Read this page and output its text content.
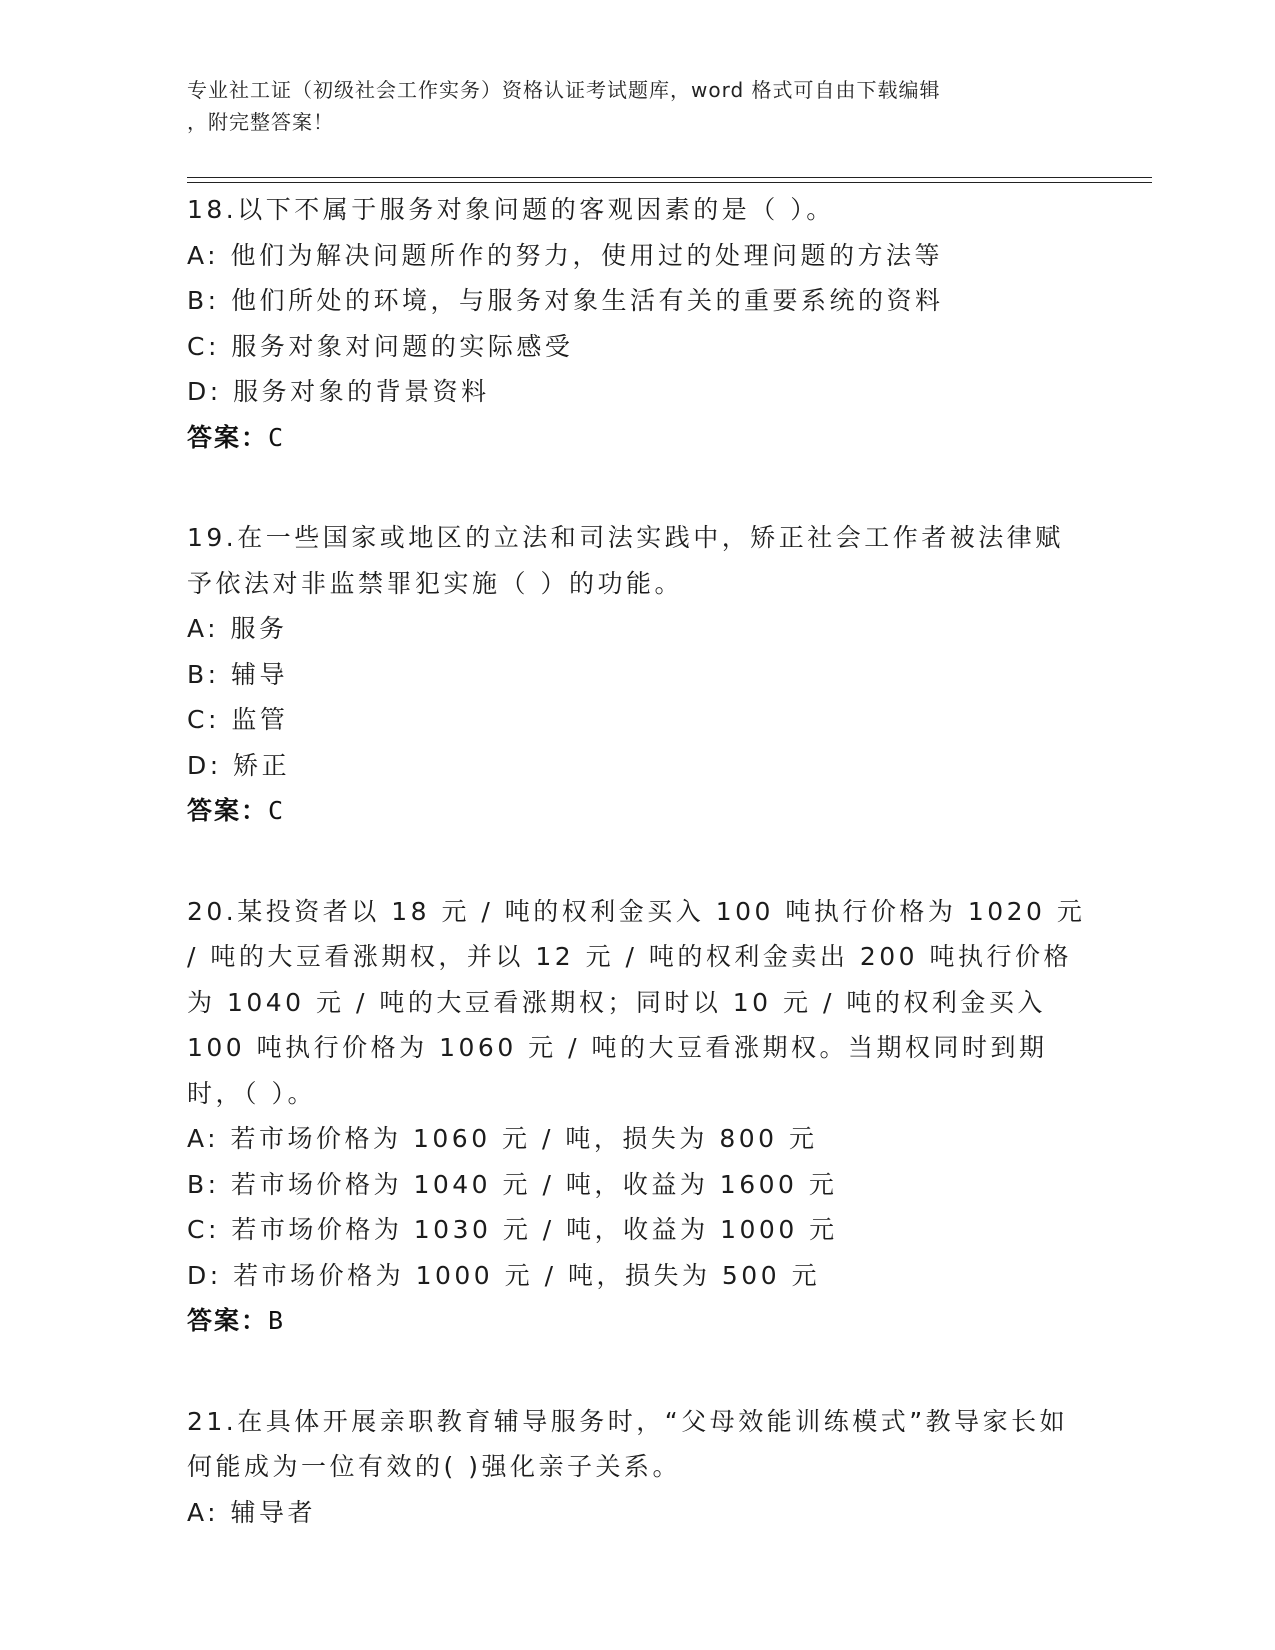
专业社工证（初级社会工作实务）资格认证考试题库，word 格式可自由下载编辑
，附完整答案！

18.以下不属于服务对象问题的客观因素的是（ ）。

A: 他们为解决问题所作的努力，使用过的处理问题的方法等

B: 他们所处的环境，与服务对象生活有关的重要系统的资料

C: 服务对象对问题的实际感受

D: 服务对象的背景资料

答案：C

19.在一些国家或地区的立法和司法实践中，矫正社会工作者被法律赋予依法对非监禁罪犯实施（ ）的功能。

A: 服务

B: 辅导

C: 监管

D: 矫正

答案：C

20.某投资者以 18 元 / 吨的权利金买入 100 吨执行价格为 1020 元 / 吨的大豆看涨期权，并以 12 元 / 吨的权利金卖出 200 吨执行价格为 1040 元 / 吨的大豆看涨期权；同时以 10 元 / 吨的权利金买入 100 吨执行价格为 1060 元 / 吨的大豆看涨期权。当期权同时到期时，（ ）。

A: 若市场价格为 1060 元 / 吨，损失为 800 元

B: 若市场价格为 1040 元 / 吨，收益为 1600 元

C: 若市场价格为 1030 元 / 吨，收益为 1000 元

D: 若市场价格为 1000 元 / 吨，损失为 500 元

答案：B

21.在具体开展亲职教育辅导服务时，“父母效能训练模式”教导家长如何能成为一位有效的( )强化亲子关系。

A: 辅导者
